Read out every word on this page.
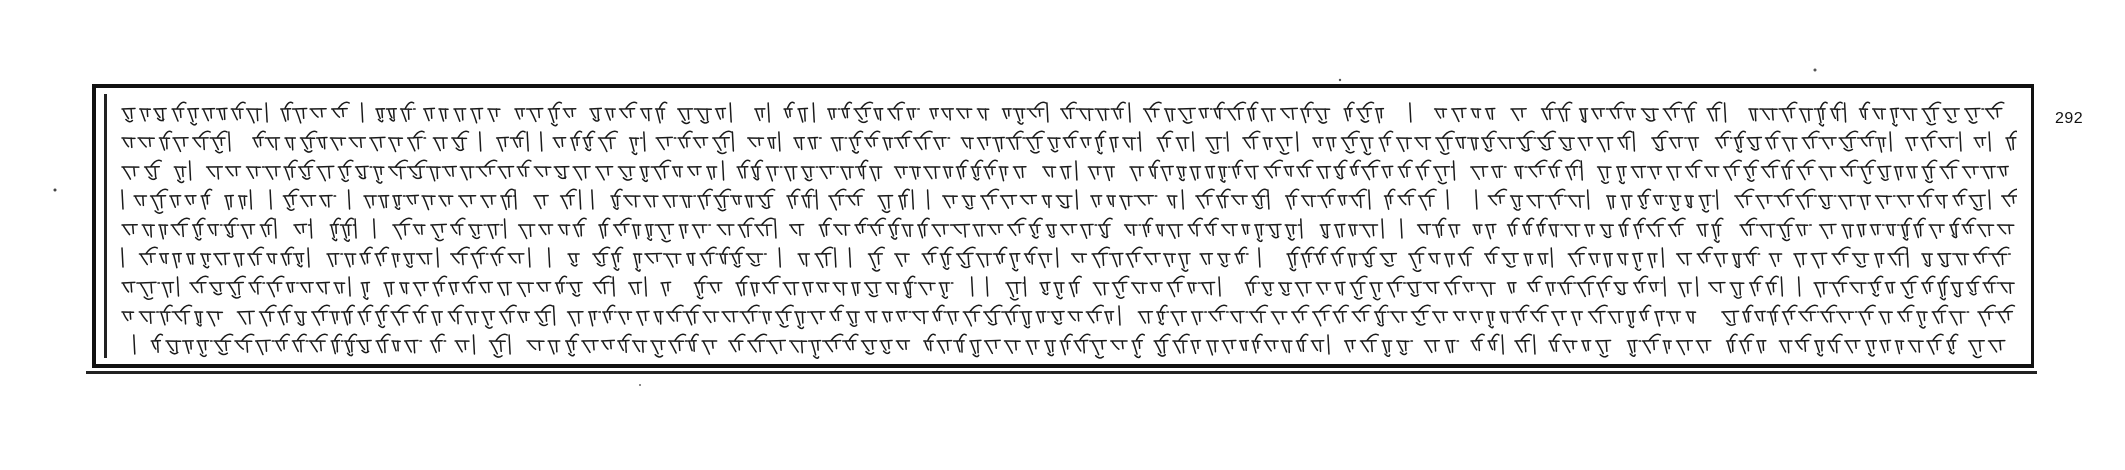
292
